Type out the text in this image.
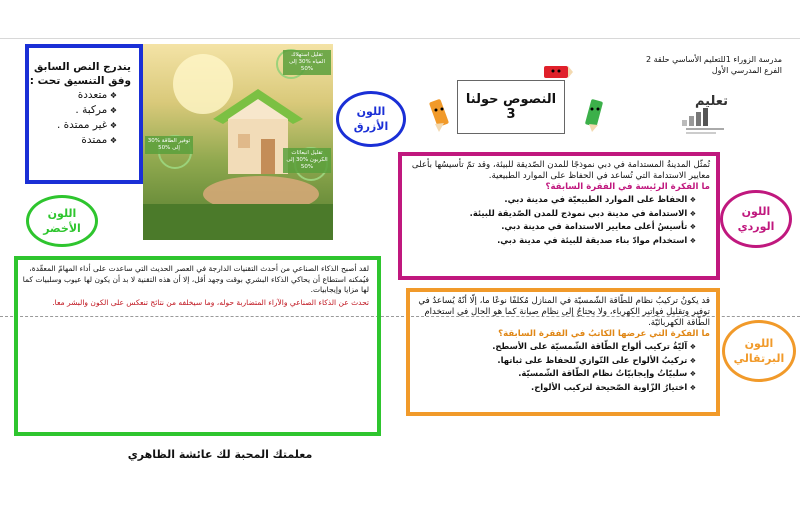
مدرسة الزوراء 1للتعليم الأساسي حلقة 2
الفرع المدرسي الأول
تعليم
النصوص حولنا
3
يندرج النص السابق وفق التنسيق تحت :
❖ متعددة
❖ مركبة .
❖ غير ممتدة .
❖ ممتدة
تقليل استهلاك المياه %30 إلى %50
توفير الطاقة %30 إلى %50
تقليل انبعاثات الكربون %30 إلى %50
اللون الأزرق
اللون الأخضر
اللون الوردي
اللون البرتقالي
تُمثّل المدينةُ المستدامة في دبي نموذجًا للمدن الصّديقة للبيئة، وقد تمّ تأسيسُها بأعلى معايير الاستدامة التي تُساعد في الحفاظ على الموارد الطبيعية.
ما الفكرة الرئيسة في الفقرة السابقة؟
❖ الحفاظ على الموارد الطبيعيّة في مدينة دبي.
❖ الاستدامة في مدينة دبي نموذج للمدن الصّديقة للبيئة.
❖ تأسيسُ أعلى معايير الاستدامة في مدينة دبي.
❖ استخدام موادّ بناء صديقة للبيئة في مدينة دبي.
قد يكونُ تركيبُ نظام للطّاقة الشّمسيّة في المنازل مُكلفًا نوعًا ما، إلّا أنّهُ يُساعدُ في توفير وتقليل فواتير الكهرباء، ولا يحتاجُ إلى نظام صيانة كما هو الحال في استخدام الطّاقة الكهربائيّة.
ما الفكرة التي عرضها الكاتبُ في الفقرة السابقة؟
❖ آليّةُ تركيب ألواح الطّاقة الشّمسيّة على الأسطح.
❖ تركيبُ الألواح على التّوازي للحفاظ على ثباتها.
❖ سلبيّاتُ وإيجابيّاتُ نظام الطّاقة الشّمسيّة.
❖ اختيارُ الزّاوية الصّحيحة لتركيب الألواح.
لقد أصبح الذكاء الصناعي من أحدث التقنيات الدارجة في العصر الحديث التي ساعدت على أداء المهامّ المعقّدة، فيُمكنه استطاع أن يحاكي الذكاء البشري بوقت وجهد أقل، إلا أن هذه التقنية لا بد أن يكون لها عيوب وسلبيات كما لها مزايا وإيجابيات.
تحدث عن الذكاء الصناعي والآراء المتضاربة حوله، وما سيخلفه من نتائج تنعكس على الكون والبشر معا.
معلمتك المحبة لك عائشة الظاهري
